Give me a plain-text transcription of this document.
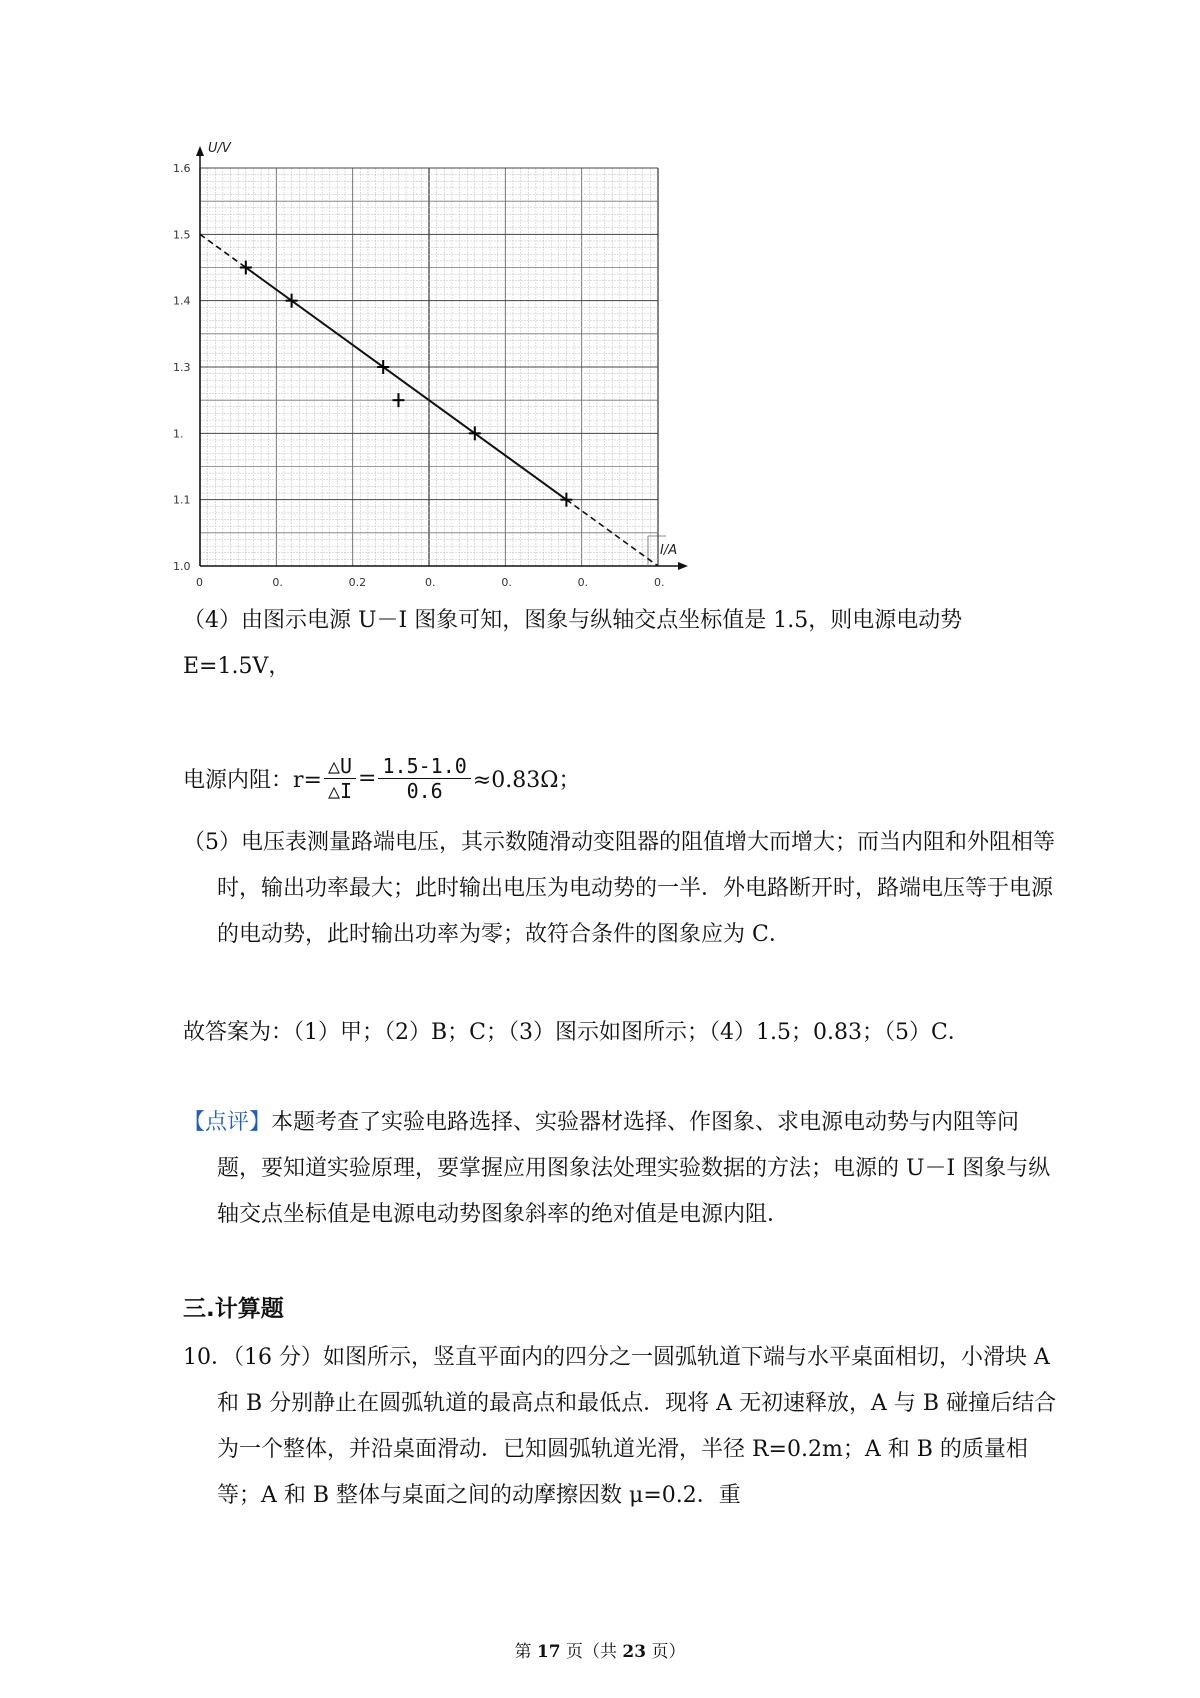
U/V
I/A
1.0
1.1
1.
1.3
1.4
1.5
1.6
0	0.	0.2	0.	0.	0.	0.
（4）由图示电源 U－I 图象可知，图象与纵轴交点坐标值是 1.5，则电源电动势
E=1.5V，
电源内阻：$r= \frac{\triangle U}{\triangle I} = \frac{1.5-1.0}{0.6} \approx 0.83\Omega$；
（5）电压表测量路端电压，其示数随滑动变阻器的阻值增大而增大；而当内阻和外阻相等时，输出功率最大；此时输出电压为电动势的一半．外电路断开时，路端电压等于电源的电动势，此时输出功率为零；故符合条件的图象应为 C．
故答案为：（1）甲；（2）B；C；（3）图示如图所示；（4）1.5；0.83；（5）C．
【点评】本题考查了实验电路选择、实验器材选择、作图象、求电源电动势与内阻等问题，要知道实验原理，要掌握应用图象法处理实验数据的方法；电源的 U－I 图象与纵轴交点坐标值是电源电动势图象斜率的绝对值是电源内阻．
三.计算题
10．（16 分）如图所示，竖直平面内的四分之一圆弧轨道下端与水平桌面相切，小滑块 A 和 B 分别静止在圆弧轨道的最高点和最低点．现将 A 无初速释放，A 与 B 碰撞后结合为一个整体，并沿桌面滑动．已知圆弧轨道光滑，半径 R=0.2m；A 和 B 的质量相等；A 和 B 整体与桌面之间的动摩擦因数 μ=0.2．重
第 17 页（共 23 页）
